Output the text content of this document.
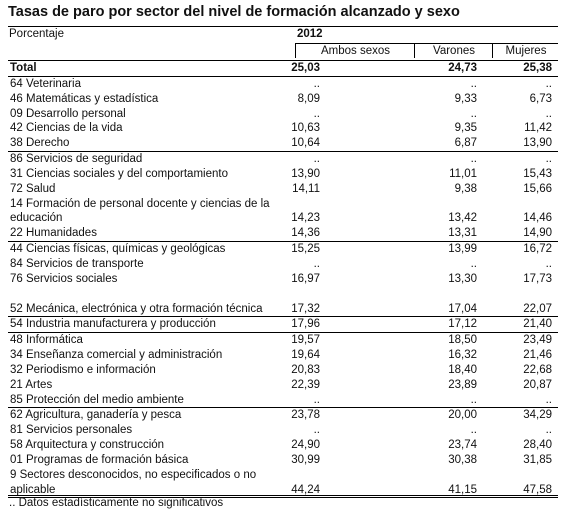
Tasas de paro por sector del nivel de formación alcanzado y sexo
Porcentaje	2012
Ambos sexos	Varones	Mujeres
Total	25,03	24,73	25,38
64 Veterinaria	..	..	..
46 Matemáticas y estadística	8,09	9,33	6,73
09 Desarrollo personal	..	..	..
42 Ciencias de la vida	10,63	9,35	11,42
38 Derecho	10,64	6,87	13,90
86 Servicios de seguridad	..	..	..
31 Ciencias sociales y del comportamiento	13,90	11,01	15,43
72 Salud	14,11	9,38	15,66
14 Formación de personal docente y ciencias de la educación	14,23	13,42	14,46
22 Humanidades	14,36	13,31	14,90
44 Ciencias físicas, químicas y geológicas	15,25	13,99	16,72
84 Servicios de transporte	..	..	..
76 Servicios sociales	16,97	13,30	17,73
52 Mecánica, electrónica y otra formación técnica	17,32	17,04	22,07
54 Industria manufacturera y producción	17,96	17,12	21,40
48 Informática	19,57	18,50	23,49
34 Enseñanza comercial y administración	19,64	16,32	21,46
32 Periodismo e información	20,83	18,40	22,68
21 Artes	22,39	23,89	20,87
85 Protección del medio ambiente	..	..	..
62 Agricultura, ganadería y pesca	23,78	20,00	34,29
81 Servicios personales	..	..	..
58 Arquitectura y construcción	24,90	23,74	28,40
01 Programas de formación básica	30,99	30,38	31,85
9 Sectores desconocidos, no especificados o no aplicable	44,24	41,15	47,58
.. Datos estadísticamente no significativos
